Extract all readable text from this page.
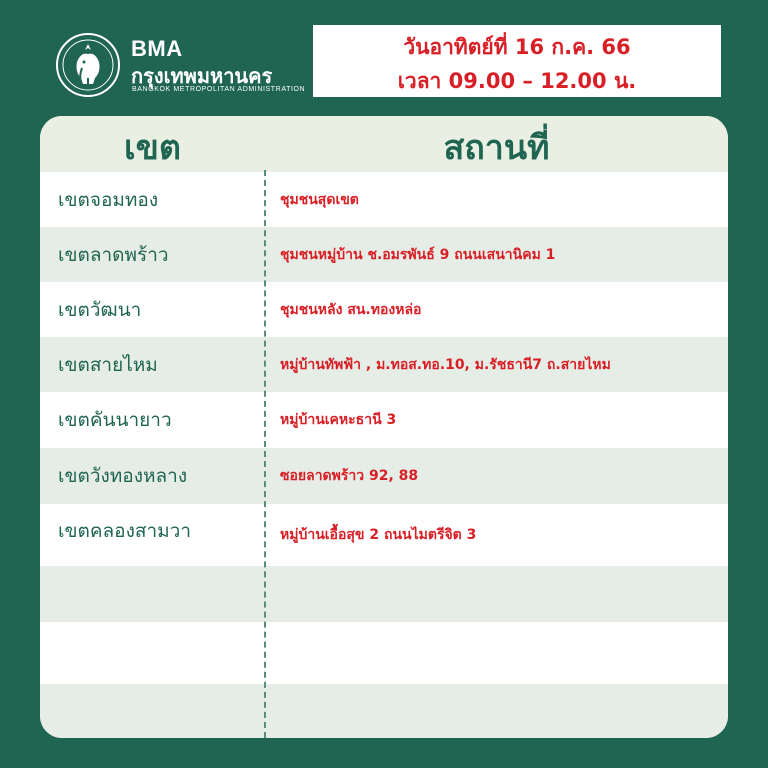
BMA
กรุงเทพมหานคร
BANGKOK METROPOLITAN ADMINISTRATION
วันอาทิตย์ที่ 16 ก.ค. 66
เวลา 09.00 – 12.00 น.
เขต	สถานที่
เขตจอมทอง	ชุมชนสุดเขต
เขตลาดพร้าว	ชุมชนหมู่บ้าน ช.อมรพันธ์ 9 ถนนเสนานิคม 1
เขตวัฒนา	ชุมชนหลัง สน.ทองหล่อ
เขตสายไหม	หมู่บ้านทัพฟ้า , ม.ทอส.ทอ.10, ม.รัชธานี7 ถ.สายไหม
เขตคันนายาว	หมู่บ้านเคหะธานี 3
เขตวังทองหลาง	ซอยลาดพร้าว 92, 88
เขตคลองสามวา	หมู่บ้านเอื้อสุข 2 ถนนไมตรีจิต 3
